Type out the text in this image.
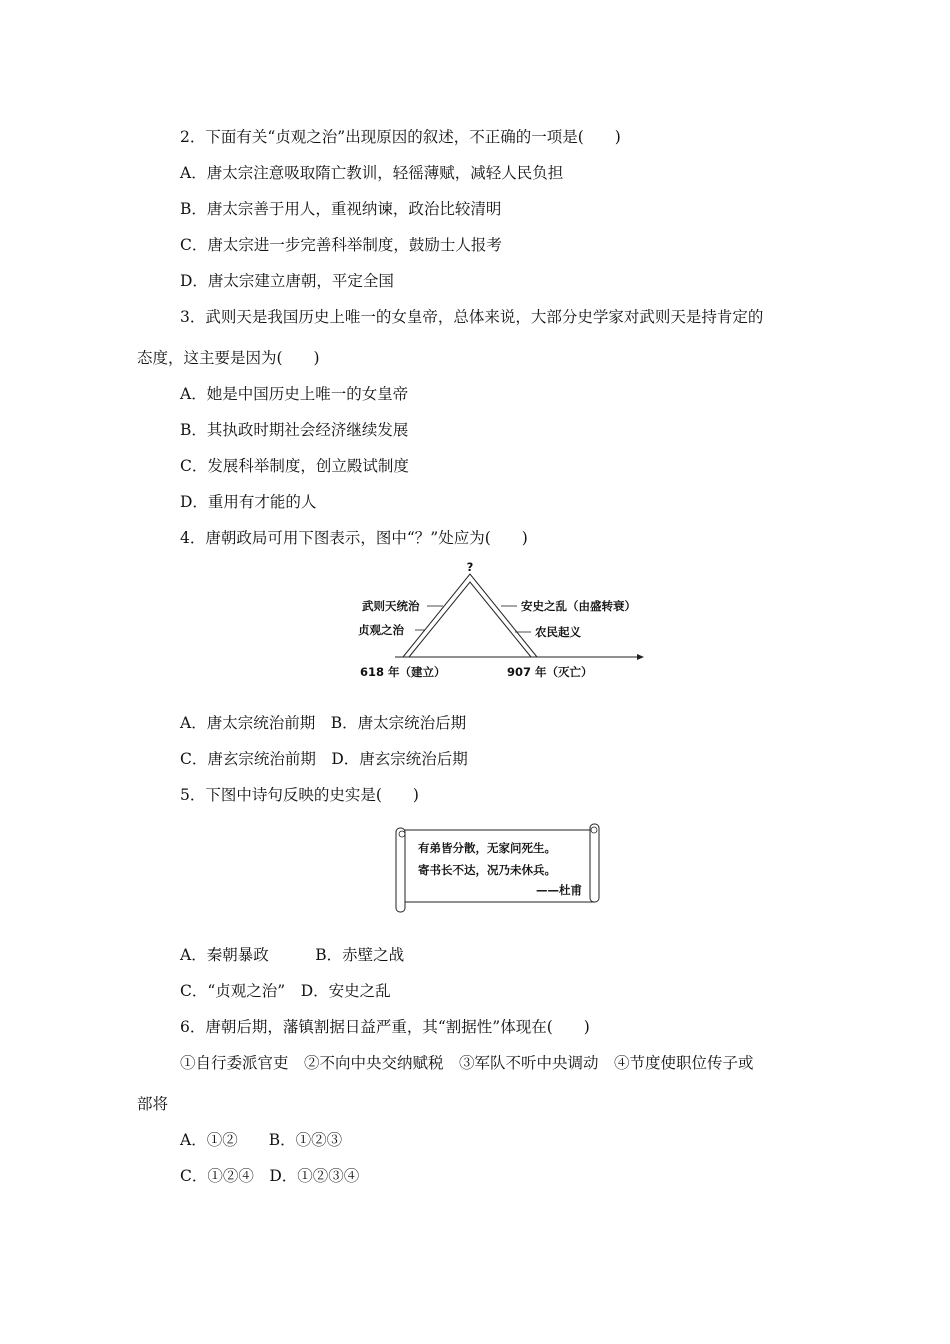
2．下面有关“贞观之治”出现原因的叙述，不正确的一项是(　　)
A．唐太宗注意吸取隋亡教训，轻徭薄赋，减轻人民负担
B．唐太宗善于用人，重视纳谏，政治比较清明
C．唐太宗进一步完善科举制度，鼓励士人报考
D．唐太宗建立唐朝，平定全国
3．武则天是我国历史上唯一的女皇帝，总体来说，大部分史学家对武则天是持肯定的
态度，这主要是因为(　　)
A．她是中国历史上唯一的女皇帝
B．其执政时期社会经济继续发展
C．发展科举制度，创立殿试制度
D．重用有才能的人
4．唐朝政局可用下图表示，图中“？”处应为(　　)
?
武则天统治
贞观之治
安史之乱（由盛转衰）
农民起义
618 年（建立）	907 年（灭亡）
A．唐太宗统治前期　B．唐太宗统治后期
C．唐玄宗统治前期　D．唐玄宗统治后期
5．下图中诗句反映的史实是(　　)
有弟皆分散，无家问死生。
寄书长不达，况乃未休兵。
——杜甫
A．秦朝暴政　　　B．赤壁之战
C．“贞观之治”　D．安史之乱
6．唐朝后期，藩镇割据日益严重，其“割据性”体现在(　　)
①自行委派官吏　②不向中央交纳赋税　③军队不听中央调动　④节度使职位传子或
部将
A．①②　　B．①②③
C．①②④　D．①②③④
